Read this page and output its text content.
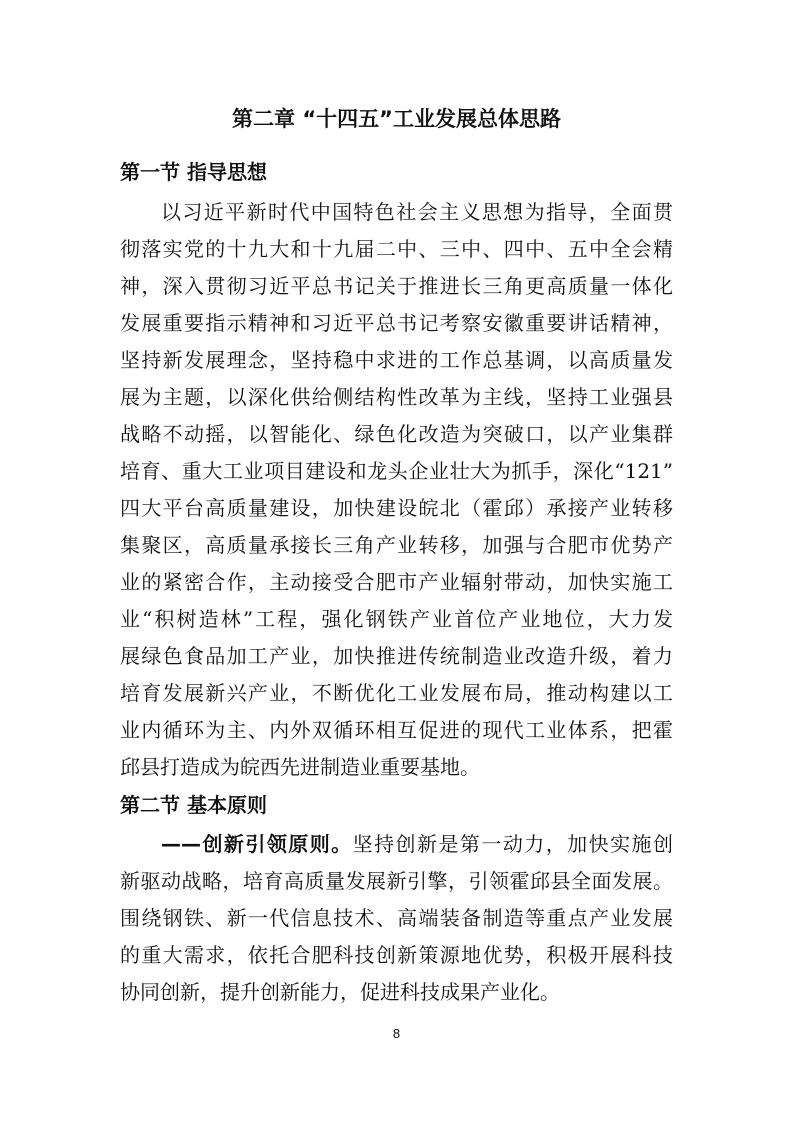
第二章 “十四五”工业发展总体思路
第一节 指导思想
以习近平新时代中国特色社会主义思想为指导，全面贯
彻落实党的十九大和十九届二中、三中、四中、五中全会精
神，深入贯彻习近平总书记关于推进长三角更高质量一体化
发展重要指示精神和习近平总书记考察安徽重要讲话精神，
坚持新发展理念，坚持稳中求进的工作总基调，以高质量发
展为主题，以深化供给侧结构性改革为主线，坚持工业强县
战略不动摇，以智能化、绿色化改造为突破口，以产业集群
培育、重大工业项目建设和龙头企业壮大为抓手，深化“121”
四大平台高质量建设，加快建设皖北（霍邱）承接产业转移
集聚区，高质量承接长三角产业转移，加强与合肥市优势产
业的紧密合作，主动接受合肥市产业辐射带动，加快实施工
业“积树造林”工程，强化钢铁产业首位产业地位，大力发
展绿色食品加工产业，加快推进传统制造业改造升级，着力
培育发展新兴产业，不断优化工业发展布局，推动构建以工
业内循环为主、内外双循环相互促进的现代工业体系，把霍
邱县打造成为皖西先进制造业重要基地。
第二节 基本原则
——创新引领原则。坚持创新是第一动力，加快实施创
新驱动战略，培育高质量发展新引擎，引领霍邱县全面发展。
围绕钢铁、新一代信息技术、高端装备制造等重点产业发展
的重大需求，依托合肥科技创新策源地优势，积极开展科技
协同创新，提升创新能力，促进科技成果产业化。
8
